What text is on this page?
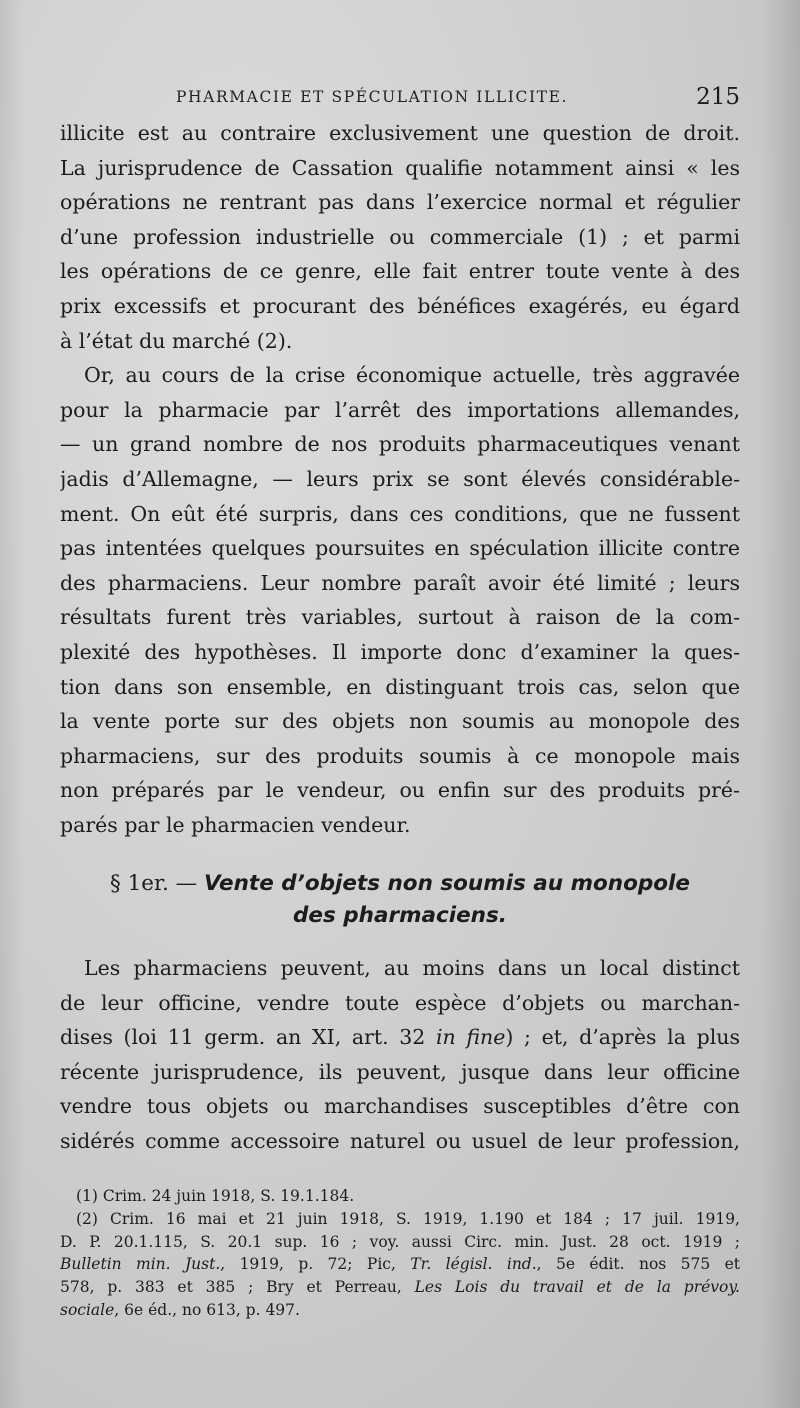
PHARMACIE ET SPÉCULATION ILLICITE.	215
illicite est au contraire exclusivement une question de droit.
La jurisprudence de Cassation qualifie notamment ainsi « les
opérations ne rentrant pas dans l’exercice normal et régulier
d’une profession industrielle ou commerciale (1) ; et parmi
les opérations de ce genre, elle fait entrer toute vente à des
prix excessifs et procurant des bénéfices exagérés, eu égard
à l’état du marché (2).
Or, au cours de la crise économique actuelle, très aggravée
pour la pharmacie par l’arrêt des importations allemandes,
— un grand nombre de nos produits pharmaceutiques venant
jadis d’Allemagne, — leurs prix se sont élevés considérable-
ment. On eût été surpris, dans ces conditions, que ne fussent
pas intentées quelques poursuites en spéculation illicite contre
des pharmaciens. Leur nombre paraît avoir été limité ; leurs
résultats furent très variables, surtout à raison de la com-
plexité des hypothèses. Il importe donc d’examiner la ques-
tion dans son ensemble, en distinguant trois cas, selon que
la vente porte sur des objets non soumis au monopole des
pharmaciens, sur des produits soumis à ce monopole mais
non préparés par le vendeur, ou enfin sur des produits pré-
parés par le pharmacien vendeur.
§ 1er. — Vente d’objets non soumis au monopole
des pharmaciens.
Les pharmaciens peuvent, au moins dans un local distinct
de leur officine, vendre toute espèce d’objets ou marchan-
dises (loi 11 germ. an XI, art. 32 in fine) ; et, d’après la plus
récente jurisprudence, ils peuvent, jusque dans leur officine
vendre tous objets ou marchandises susceptibles d’être con
sidérés comme accessoire naturel ou usuel de leur profession,
(1) Crim. 24 juin 1918, S. 19.1.184.
(2) Crim. 16 mai et 21 juin 1918, S. 1919, 1.190 et 184 ; 17 juil. 1919,
D. P. 20.1.115, S. 20.1 sup. 16 ; voy. aussi Circ. min. Just. 28 oct. 1919 ;
Bulletin min. Just., 1919, p. 72; Pic, Tr. législ. ind., 5e édit. nos 575 et
578, p. 383 et 385 ; Bry et Perreau, Les Lois du travail et de la prévoy.
sociale, 6e éd., no 613, p. 497.
